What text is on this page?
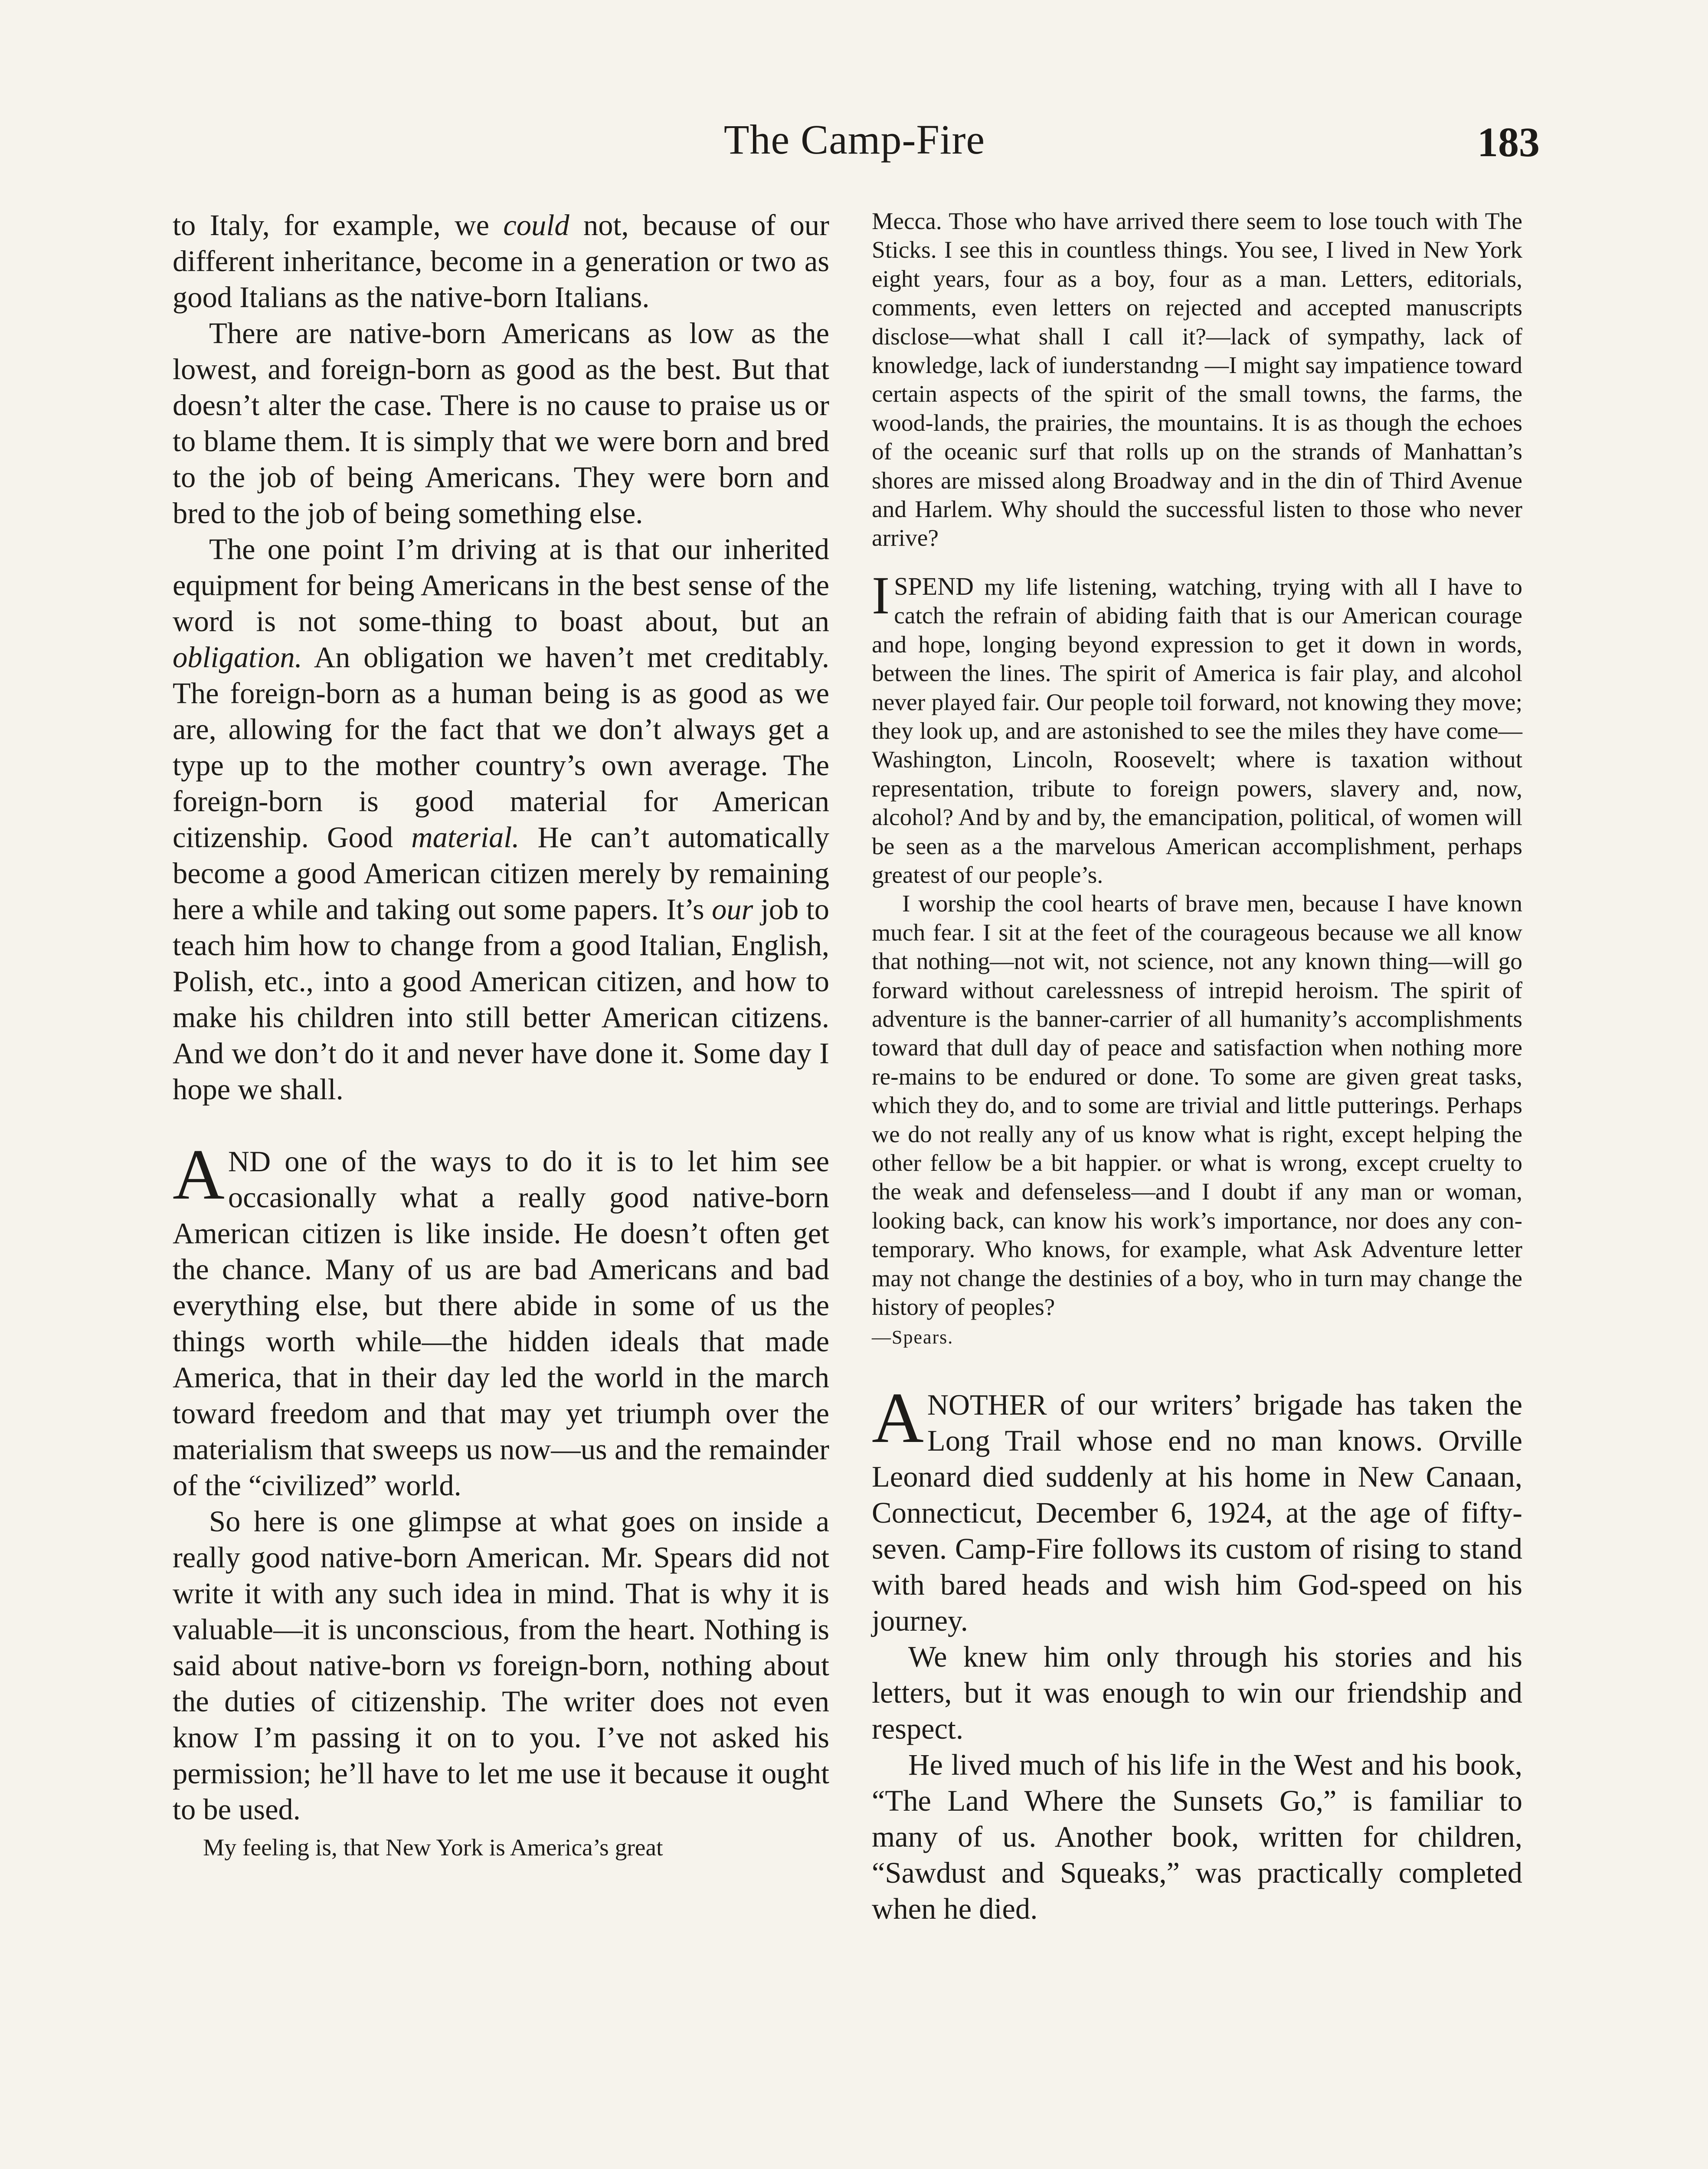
The Camp-Fire	183

to Italy, for example, we could not, because of our different inheritance, become in a generation or two as good Italians as the native-born Italians.

There are native-born Americans as low as the lowest, and foreign-born as good as the best. But that doesn’t alter the case. There is no cause to praise us or to blame them. It is simply that we were born and bred to the job of being Americans. They were born and bred to the job of being something else.

The one point I’m driving at is that our inherited equipment for being Americans in the best sense of the word is not some-thing to boast about, but an obligation. An obligation we haven’t met creditably. The foreign-born as a human being is as good as we are, allowing for the fact that we don’t always get a type up to the mother country’s own average. The foreign-born is good material for American citizenship. Good material. He can’t automatically become a good American citizen merely by remaining here a while and taking out some papers. It’s our job to teach him how to change from a good Italian, English, Polish, etc., into a good American citizen, and how to make his children into still better American citizens. And we don’t do it and never have done it. Some day I hope we shall.

AND one of the ways to do it is to let him see occasionally what a really good native-born American citizen is like inside. He doesn’t often get the chance. Many of us are bad Americans and bad everything else, but there abide in some of us the things worth while—the hidden ideals that made America, that in their day led the world in the march toward freedom and that may yet triumph over the materialism that sweeps us now—us and the remainder of the “civilized” world.

So here is one glimpse at what goes on inside a really good native-born American. Mr. Spears did not write it with any such idea in mind. That is why it is valuable—it is unconscious, from the heart. Nothing is said about native-born vs foreign-born, nothing about the duties of citizenship. The writer does not even know I’m passing it on to you. I’ve not asked his permission; he’ll have to let me use it because it ought to be used.

My feeling is, that New York is America’s great

Mecca. Those who have arrived there seem to lose touch with The Sticks. I see this in countless things. You see, I lived in New York eight years, four as a boy, four as a man. Letters, editorials, comments, even letters on rejected and accepted manuscripts disclose—what shall I call it?—lack of sympathy, lack of knowledge, lack of iunderstandng —I might say impatience toward certain aspects of the spirit of the small towns, the farms, the wood-lands, the prairies, the mountains. It is as though the echoes of the oceanic surf that rolls up on the strands of Manhattan’s shores are missed along Broadway and in the din of Third Avenue and Harlem. Why should the successful listen to those who never arrive?

I SPEND my life listening, watching, trying with all I have to catch the refrain of abiding faith that is our American courage and hope, longing beyond expression to get it down in words, between the lines. The spirit of America is fair play, and alcohol never played fair. Our people toil forward, not knowing they move; they look up, and are astonished to see the miles they have come—Washington, Lincoln, Roosevelt; where is taxation without representation, tribute to foreign powers, slavery and, now, alcohol? And by and by, the emancipation, political, of women will be seen as a the marvelous American accomplishment, perhaps greatest of our people’s.

I worship the cool hearts of brave men, because I have known much fear. I sit at the feet of the courageous because we all know that nothing—not wit, not science, not any known thing—will go forward without carelessness of intrepid heroism. The spirit of adventure is the banner-carrier of all humanity’s accomplishments toward that dull day of peace and satisfaction when nothing more re-mains to be endured or done. To some are given great tasks, which they do, and to some are trivial and little putterings. Perhaps we do not really any of us know what is right, except helping the other fellow be a bit happier. or what is wrong, except cruelty to the weak and defenseless—and I doubt if any man or woman, looking back, can know his work’s importance, nor does any con-temporary. Who knows, for example, what Ask Adventure letter may not change the destinies of a boy, who in turn may change the history of peoples?

—Spears.

ANOTHER of our writers’ brigade has taken the Long Trail whose end no man knows. Orville Leonard died suddenly at his home in New Canaan, Connecticut, December 6, 1924, at the age of fifty-seven. Camp-Fire follows its custom of rising to stand with bared heads and wish him God-speed on his journey.

We knew him only through his stories and his letters, but it was enough to win our friendship and respect.

He lived much of his life in the West and his book, “The Land Where the Sunsets Go,” is familiar to many of us. Another book, written for children, “Sawdust and Squeaks,” was practically completed when he died.
